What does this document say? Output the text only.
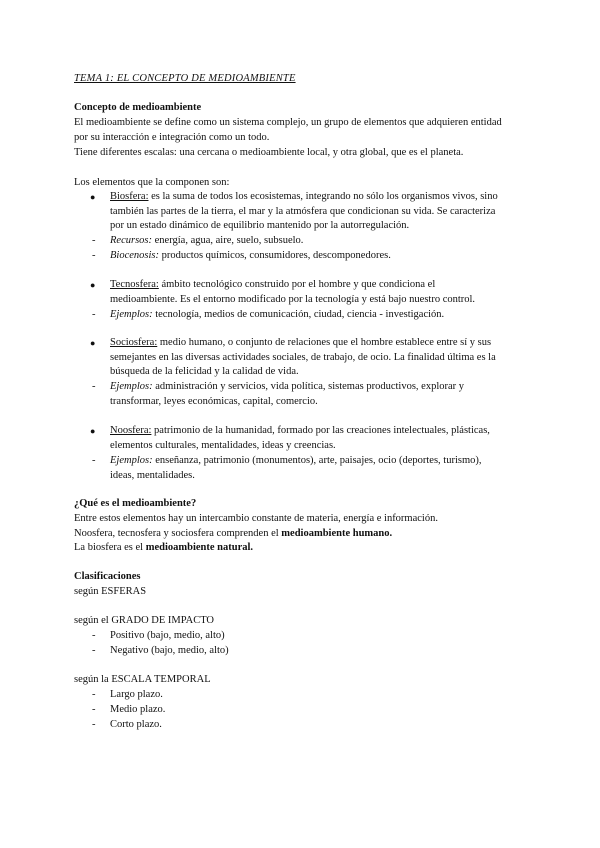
TEMA 1: EL CONCEPTO DE MEDIOAMBIENTE
Concepto de medioambiente
El medioambiente se define como un sistema complejo, un grupo de elementos que adquieren entidad
por su interacción e integración como un todo.
Tiene diferentes escalas: una cercana o medioambiente local, y otra global, que es el planeta.
Los elementos que la componen son:
● Biosfera: es la suma de todos los ecosistemas, integrando no sólo los organismos vivos, sino
también las partes de la tierra, el mar y la atmósfera que condicionan su vida. Se caracteriza
por un estado dinámico de equilibrio mantenido por la autorregulación.
- Recursos: energía, agua, aire, suelo, subsuelo.
- Biocenosis: productos químicos, consumidores, descomponedores.
● Tecnosfera: ámbito tecnológico construido por el hombre y que condiciona el
medioambiente. Es el entorno modificado por la tecnología y está bajo nuestro control.
- Ejemplos: tecnología, medios de comunicación, ciudad, ciencia - investigación.
● Sociosfera: medio humano, o conjunto de relaciones que el hombre establece entre sí y sus
semejantes en las diversas actividades sociales, de trabajo, de ocio. La finalidad última es la
búsqueda de la felicidad y la calidad de vida.
- Ejemplos: administración y servicios, vida política, sistemas productivos, explorar y
transformar, leyes económicas, capital, comercio.
● Noosfera: patrimonio de la humanidad, formado por las creaciones intelectuales, plásticas,
elementos culturales, mentalidades, ideas y creencias.
- Ejemplos: enseñanza, patrimonio (monumentos), arte, paisajes, ocio (deportes, turismo),
ideas, mentalidades.
¿Qué es el medioambiente?
Entre estos elementos hay un intercambio constante de materia, energía e información.
Noosfera, tecnosfera y sociosfera comprenden el medioambiente humano.
La biosfera es el medioambiente natural.
Clasificaciones
según ESFERAS
según el GRADO DE IMPACTO
- Positivo (bajo, medio, alto)
- Negativo (bajo, medio, alto)
según la ESCALA TEMPORAL
- Largo plazo.
- Medio plazo.
- Corto plazo.
